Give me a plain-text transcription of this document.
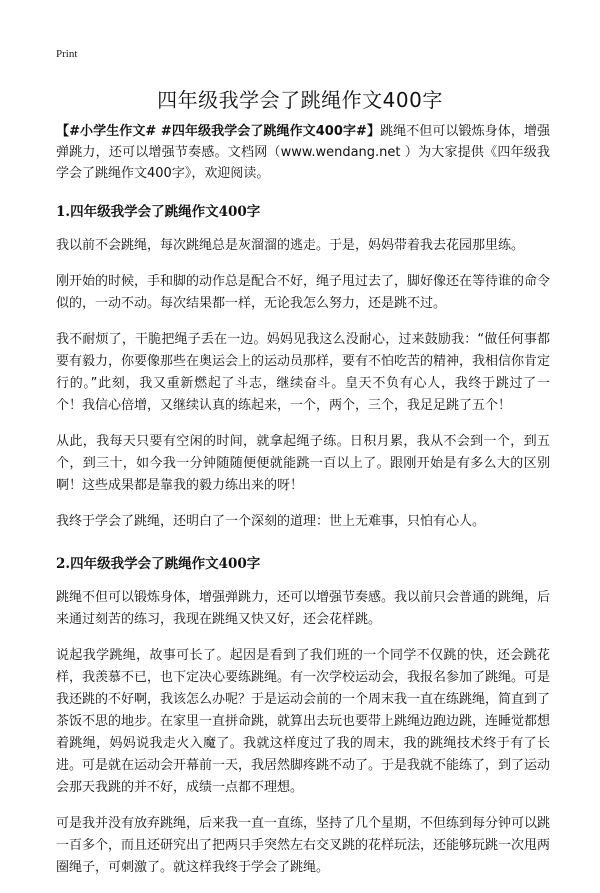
Print
四年级我学会了跳绳作文400字

【#小学生作文# #四年级我学会了跳绳作文400字#】跳绳不但可以锻炼身体，增强弹跳力，还可以增强节奏感。文档网（www.wendang.net ）为大家提供《四年级我学会了跳绳作文400字》，欢迎阅读。

1.四年级我学会了跳绳作文400字

我以前不会跳绳，每次跳绳总是灰溜溜的逃走。于是，妈妈带着我去花园那里练。

刚开始的时候，手和脚的动作总是配合不好，绳子甩过去了，脚好像还在等待谁的命令似的，一动不动。每次结果都一样，无论我怎么努力，还是跳不过。

我不耐烦了，干脆把绳子丢在一边。妈妈见我这么没耐心，过来鼓励我：“做任何事都要有毅力，你要像那些在奥运会上的运动员那样，要有不怕吃苦的精神，我相信你肯定行的。”此刻，我又重新燃起了斗志，继续奋斗。皇天不负有心人，我终于跳过了一个！我信心倍增，又继续认真的练起来，一个，两个，三个，我足足跳了五个！

从此，我每天只要有空闲的时间，就拿起绳子练。日积月累，我从不会到一个，到五个，到三十，如今我一分钟随随便便就能跳一百以上了。跟刚开始是有多么大的区别啊！这些成果都是靠我的毅力练出来的呀！

我终于学会了跳绳，还明白了一个深刻的道理：世上无难事，只怕有心人。

2.四年级我学会了跳绳作文400字

跳绳不但可以锻炼身体，增强弹跳力，还可以增强节奏感。我以前只会普通的跳绳，后来通过刻苦的练习，我现在跳绳又快又好，还会花样跳。

说起我学跳绳，故事可长了。起因是看到了我们班的一个同学不仅跳的快，还会跳花样，我羡慕不已，也下定决心要练跳绳。有一次学校运动会，我报名参加了跳绳。可是我还跳的不好啊，我该怎么办呢？于是运动会前的一个周末我一直在练跳绳，简直到了茶饭不思的地步。在家里一直拼命跳，就算出去玩也要带上跳绳边跑边跳，连睡觉都想着跳绳，妈妈说我走火入魔了。我就这样度过了我的周末，我的跳绳技术终于有了长进。可是就在运动会开幕前一天，我居然脚疼跳不动了。于是我就不能练了，到了运动会那天我跳的并不好，成绩一点都不理想。

可是我并没有放弃跳绳，后来我一直一直练，坚持了几个星期，不但练到每分钟可以跳一百多个，而且还研究出了把两只手突然左右交叉跳的花样玩法，还能够玩跳一次甩两圈绳子，可刺激了。就这样我终于学会了跳绳。
